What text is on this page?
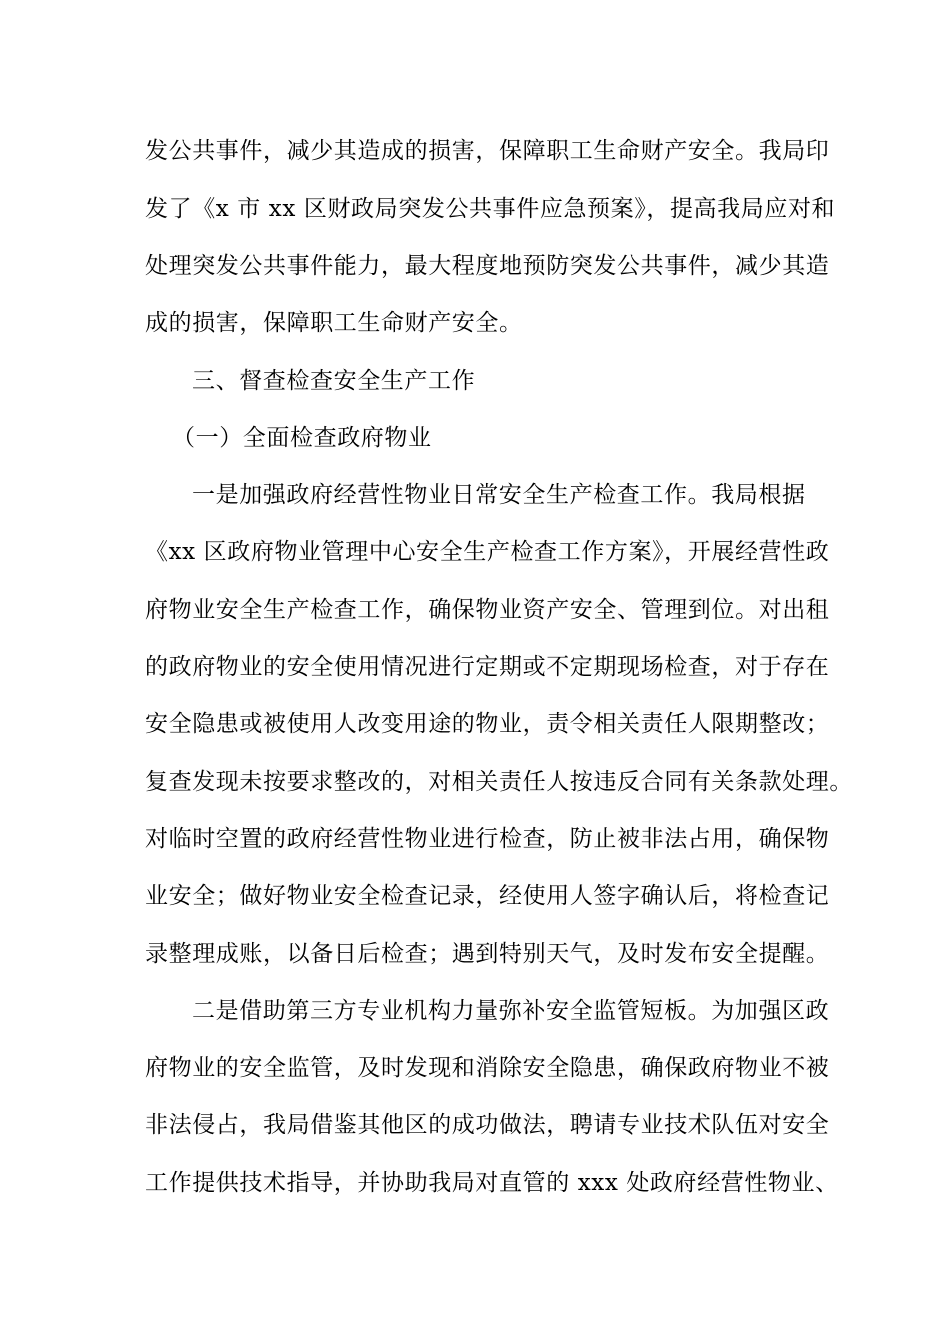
发公共事件，减少其造成的损害，保障职工生命财产安全。我局印
发了《x 市 xx 区财政局突发公共事件应急预案》，提高我局应对和
处理突发公共事件能力，最大程度地预防突发公共事件，减少其造
成的损害，保障职工生命财产安全。
三、督查检查安全生产工作
（一）全面检查政府物业
一是加强政府经营性物业日常安全生产检查工作。我局根据
《xx 区政府物业管理中心安全生产检查工作方案》，开展经营性政
府物业安全生产检查工作，确保物业资产安全、管理到位。对出租
的政府物业的安全使用情况进行定期或不定期现场检查，对于存在
安全隐患或被使用人改变用途的物业，责令相关责任人限期整改；
复查发现未按要求整改的，对相关责任人按违反合同有关条款处理。
对临时空置的政府经营性物业进行检查，防止被非法占用，确保物
业安全；做好物业安全检查记录，经使用人签字确认后，将检查记
录整理成账，以备日后检查；遇到特别天气，及时发布安全提醒。
二是借助第三方专业机构力量弥补安全监管短板。为加强区政
府物业的安全监管，及时发现和消除安全隐患，确保政府物业不被
非法侵占，我局借鉴其他区的成功做法，聘请专业技术队伍对安全
工作提供技术指导，并协助我局对直管的 xxx 处政府经营性物业、
